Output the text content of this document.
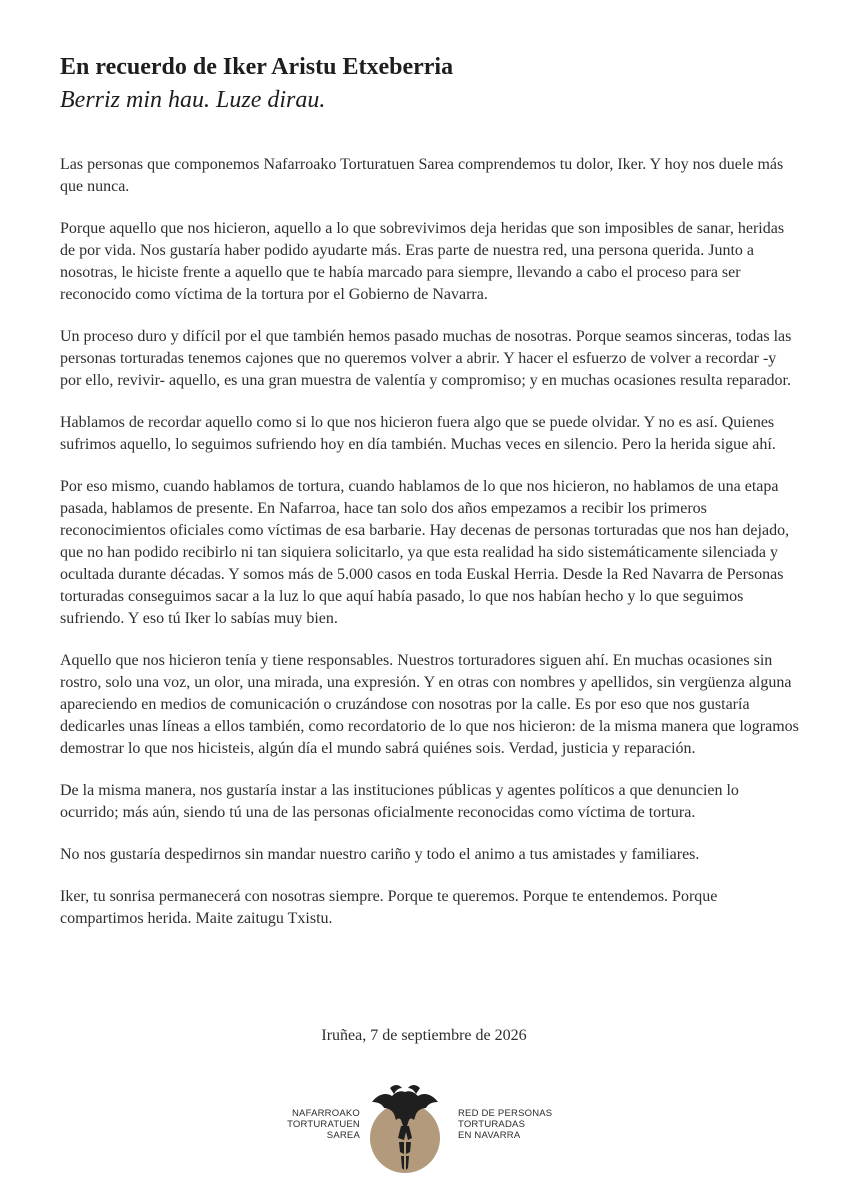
En recuerdo de Iker Aristu Etxeberria
Berriz min hau. Luze dirau.

Las personas que componemos Nafarroako Torturatuen Sarea comprendemos tu dolor, Iker. Y hoy nos duele más que nunca.

Porque aquello que nos hicieron, aquello a lo que sobrevivimos deja heridas que son imposibles de sanar, heridas de por vida. Nos gustaría haber podido ayudarte más. Eras parte de nuestra red, una persona querida. Junto a nosotras, le hiciste frente a aquello que te había marcado para siempre, llevando a cabo el proceso para ser reconocido como víctima de la tortura por el Gobierno de Navarra.

Un proceso duro y difícil por el que también hemos pasado muchas de nosotras. Porque seamos sinceras, todas las personas torturadas tenemos cajones que no queremos volver a abrir. Y hacer el esfuerzo de volver a recordar -y por ello, revivir- aquello, es una gran muestra de valentía y compromiso; y en muchas ocasiones resulta reparador.

Hablamos de recordar aquello como si lo que nos hicieron fuera algo que se puede olvidar. Y no es así. Quienes sufrimos aquello, lo seguimos sufriendo hoy en día también. Muchas veces en silencio. Pero la herida sigue ahí.

Por eso mismo, cuando hablamos de tortura, cuando hablamos de lo que nos hicieron, no hablamos de una etapa pasada, hablamos de presente. En Nafarroa, hace tan solo dos años empezamos a recibir los primeros reconocimientos oficiales como víctimas de esa barbarie. Hay decenas de personas torturadas que nos han dejado, que no han podido recibirlo ni tan siquiera solicitarlo, ya que esta realidad ha sido sistemáticamente silenciada y ocultada durante décadas. Y somos más de 5.000 casos en toda Euskal Herria. Desde la Red Navarra de Personas torturadas conseguimos sacar a la luz lo que aquí había pasado, lo que nos habían hecho y lo que seguimos sufriendo. Y eso tú Iker lo sabías muy bien.

Aquello que nos hicieron tenía y tiene responsables. Nuestros torturadores siguen ahí. En muchas ocasiones sin rostro, solo una voz, un olor, una mirada, una expresión. Y en otras con nombres y apellidos, sin vergüenza alguna apareciendo en medios de comunicación o cruzándose con nosotras por la calle. Es por eso que nos gustaría dedicarles unas líneas a ellos también, como recordatorio de lo que nos hicieron: de la misma manera que logramos demostrar lo que nos hicisteis, algún día el mundo sabrá quiénes sois. Verdad, justicia y reparación.

De la misma manera, nos gustaría instar a las instituciones públicas y agentes políticos a que denuncien lo ocurrido; más aún, siendo tú una de las personas oficialmente reconocidas como víctima de tortura.

No nos gustaría despedirnos sin mandar nuestro cariño y todo el animo a tus amistades y familiares.

Iker, tu sonrisa permanecerá con nosotras siempre. Porque te queremos. Porque te entendemos. Porque compartimos herida. Maite zaitugu Txistu.

Iruñea, 7 de septiembre de 2026
NAFARROAKO
TORTURATUEN
SAREA
RED DE PERSONAS
TORTURADAS
EN NAVARRA
